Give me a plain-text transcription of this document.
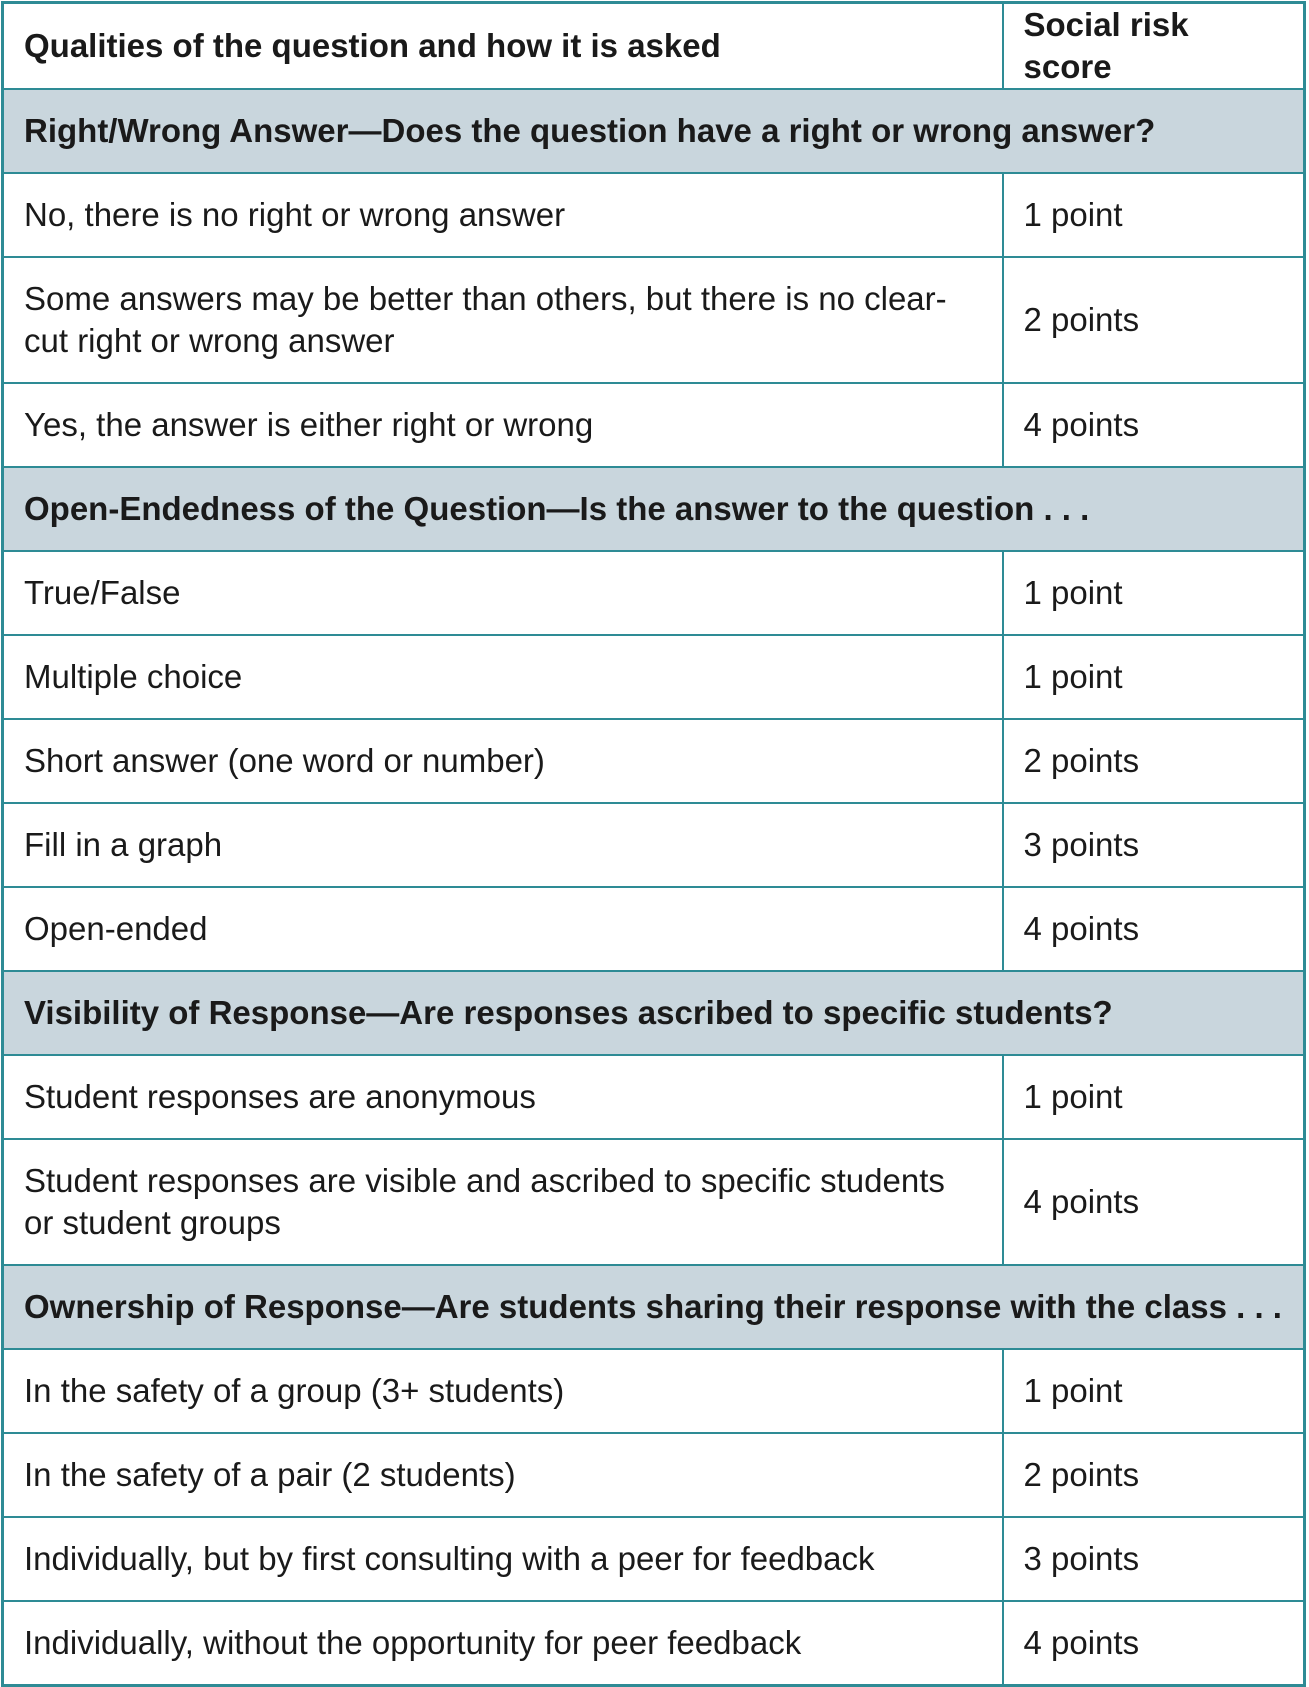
Qualities of the question and how it is asked	Social risk score
Right/Wrong Answer—Does the question have a right or wrong answer?	
No, there is no right or wrong answer	1 point
Some answers may be better than others, but there is no clear-cut right or wrong answer	2 points
Yes, the answer is either right or wrong	4 points
Open-Endedness of the Question—Is the answer to the question . . .	
True/False	1 point
Multiple choice	1 point
Short answer (one word or number)	2 points
Fill in a graph	3 points
Open-ended	4 points
Visibility of Response—Are responses ascribed to specific students?	
Student responses are anonymous	1 point
Student responses are visible and ascribed to specific students or student groups	4 points
Ownership of Response—Are students sharing their response with the class . . .	
In the safety of a group (3+ students)	1 point
In the safety of a pair (2 students)	2 points
Individually, but by first consulting with a peer for feedback	3 points
Individually, without the opportunity for peer feedback	4 points
